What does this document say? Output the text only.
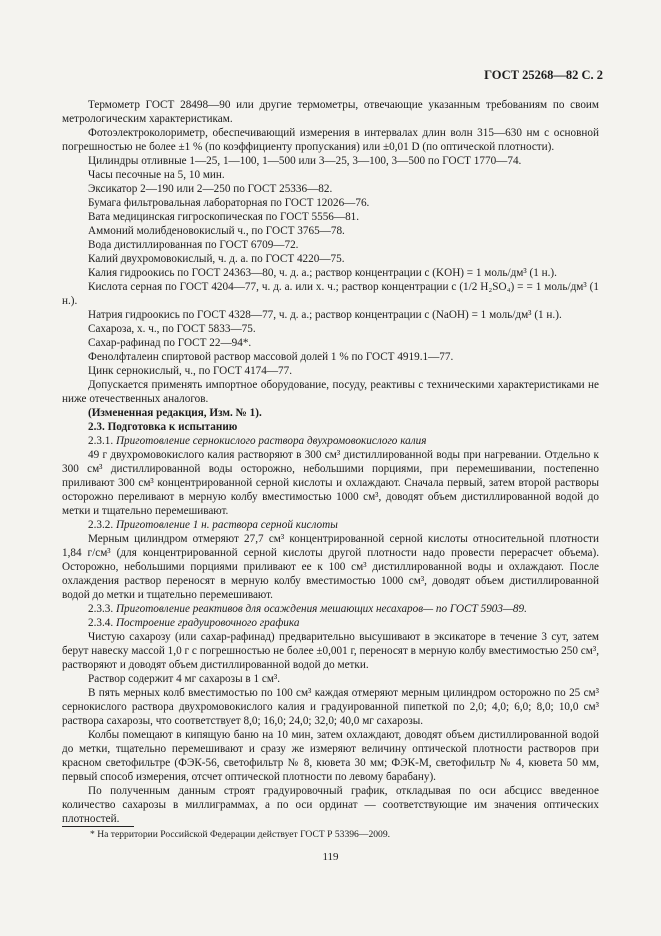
ГОСТ 25268—82 С. 2

Термометр ГОСТ 28498—90 или другие термометры, отвечающие указанным требованиям по своим метрологическим характеристикам.

Фотоэлектроколориметр, обеспечивающий измерения в интервалах длин волн 315—630 нм с основной погрешностью не более ±1 % (по коэффициенту пропускания) или ±0,01 D (по оптической плотности).

Цилиндры отливные 1—25, 1—100, 1—500 или 3—25, 3—100, 3—500 по ГОСТ 1770—74.

Часы песочные на 5, 10 мин.

Эксикатор 2—190 или 2—250 по ГОСТ 25336—82.

Бумага фильтровальная лабораторная по ГОСТ 12026—76.

Вата медицинская гигроскопическая по ГОСТ 5556—81.

Аммоний молибденовокислый ч., по ГОСТ 3765—78.

Вода дистиллированная по ГОСТ 6709—72.

Калий двухромовокислый, ч. д. а. по ГОСТ 4220—75.

Калия гидроокись по ГОСТ 24363—80, ч. д. а.; раствор концентрации c (KOH) = 1 моль/дм³ (1 н.).

Кислота серная по ГОСТ 4204—77, ч. д. а. или х. ч.; раствор концентрации c (1/2 H₂SO₄) = = 1 моль/дм³ (1 н.).

Натрия гидроокись по ГОСТ 4328—77, ч. д. а.; раствор концентрации c (NaOH) = 1 моль/дм³ (1 н.).

Сахароза, х. ч., по ГОСТ 5833—75.

Сахар-рафинад по ГОСТ 22—94*.

Фенолфталеин спиртовой раствор массовой долей 1 % по ГОСТ 4919.1—77.

Цинк сернокислый, ч., по ГОСТ 4174—77.

Допускается применять импортное оборудование, посуду, реактивы с техническими характеристиками не ниже отечественных аналогов.

(Измененная редакция, Изм. № 1).

2.3. Подготовка к испытанию

2.3.1. Приготовление сернокислого раствора двухромовокислого калия

49 г двухромовокислого калия растворяют в 300 см³ дистиллированной воды при нагревании. Отдельно к 300 см³ дистиллированной воды осторожно, небольшими порциями, при перемешивании, постепенно приливают 300 см³ концентрированной серной кислоты и охлаждают. Сначала первый, затем второй растворы осторожно переливают в мерную колбу вместимостью 1000 см³, доводят объем дистиллированной водой до метки и тщательно перемешивают.

2.3.2. Приготовление 1 н. раствора серной кислоты

Мерным цилиндром отмеряют 27,7 см³ концентрированной серной кислоты относительной плотности 1,84 г/см³ (для концентрированной серной кислоты другой плотности надо провести перерасчет объема). Осторожно, небольшими порциями приливают ее к 100 см³ дистиллированной воды и охлаждают. После охлаждения раствор переносят в мерную колбу вместимостью 1000 см³, доводят объем дистиллированной водой до метки и тщательно перемешивают.

2.3.3. Приготовление реактивов для осаждения мешающих несахаров— по ГОСТ 5903—89.

2.3.4. Построение градуировочного графика

Чистую сахарозу (или сахар-рафинад) предварительно высушивают в эксикаторе в течение 3 сут, затем берут навеску массой 1,0 г с погрешностью не более ±0,001 г, переносят в мерную колбу вместимостью 250 см³, растворяют и доводят объем дистиллированной водой до метки.

Раствор содержит 4 мг сахарозы в 1 см³.

В пять мерных колб вместимостью по 100 см³ каждая отмеряют мерным цилиндром осторожно по 25 см³ сернокислого раствора двухромовокислого калия и градуированной пипеткой по 2,0; 4,0; 6,0; 8,0; 10,0 см³ раствора сахарозы, что соответствует 8,0; 16,0; 24,0; 32,0; 40,0 мг сахарозы.

Колбы помещают в кипящую баню на 10 мин, затем охлаждают, доводят объем дистиллированной водой до метки, тщательно перемешивают и сразу же измеряют величину оптической плотности растворов при красном светофильтре (ФЭК-56, светофильтр № 8, кювета 30 мм; ФЭК-М, светофильтр № 4, кювета 50 мм, первый способ измерения, отсчет оптической плотности по левому барабану).

По полученным данным строят градуировочный график, откладывая по оси абсцисс введенное количество сахарозы в миллиграммах, а по оси ординат — соответствующие им значения оптических плотностей.

* На территории Российской Федерации действует ГОСТ Р 53396—2009.
119
